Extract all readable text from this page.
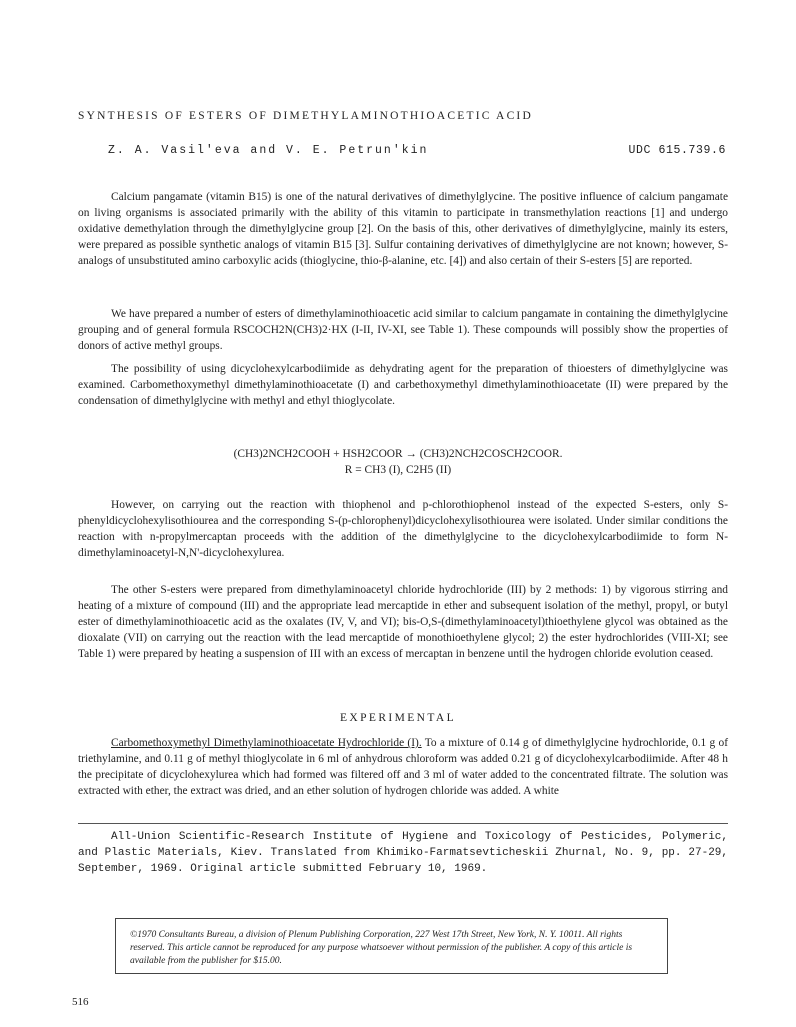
SYNTHESIS OF ESTERS OF DIMETHYLAMINOTHIOACETIC ACID
Z. A. Vasil'eva and V. E. Petrun'kin	UDC 615.739.6

Calcium pangamate (vitamin B15) is one of the natural derivatives of dimethylglycine. The positive influence of calcium pangamate on living organisms is associated primarily with the ability of this vitamin to participate in transmethylation reactions [1] and undergo oxidative demethylation through the dimethylglycine group [2]. On the basis of this, other derivatives of dimethylglycine, mainly its esters, were prepared as possible synthetic analogs of vitamin B15 [3]. Sulfur containing derivatives of dimethylglycine are not known; however, S-analogs of unsubstituted amino carboxylic acids (thioglycine, thio-β-alanine, etc. [4]) and also certain of their S-esters [5] are reported.

We have prepared a number of esters of dimethylaminothioacetic acid similar to calcium pangamate in containing the dimethylglycine grouping and of general formula RSCOCH2N(CH3)2·HX (I-II, IV-XI, see Table 1). These compounds will possibly show the properties of donors of active methyl groups.

The possibility of using dicyclohexylcarbodiimide as dehydrating agent for the preparation of thioesters of dimethylglycine was examined. Carbomethoxymethyl dimethylaminothioacetate (I) and carbethoxymethyl dimethylaminothioacetate (II) were prepared by the condensation of dimethylglycine with methyl and ethyl thioglycolate.

(CH3)2NCH2COOH + HSH2COOR → (CH3)2NCH2COSCH2COOR.
R = CH3 (I), C2H5 (II)

However, on carrying out the reaction with thiophenol and p-chlorothiophenol instead of the expected S-esters, only S-phenyldicyclohexylisothiourea and the corresponding S-(p-chlorophenyl)dicyclohexylisothiourea were isolated. Under similar conditions the reaction with n-propylmercaptan proceeds with the addition of the dimethylglycine to the dicyclohexylcarbodiimide to form N-dimethylaminoacetyl-N,N'-dicyclohexylurea.

The other S-esters were prepared from dimethylaminoacetyl chloride hydrochloride (III) by 2 methods: 1) by vigorous stirring and heating of a mixture of compound (III) and the appropriate lead mercaptide in ether and subsequent isolation of the methyl, propyl, or butyl ester of dimethylaminothioacetic acid as the oxalates (IV, V, and VI); bis-O,S-(dimethylaminoacetyl)thioethylene glycol was obtained as the dioxalate (VII) on carrying out the reaction with the lead mercaptide of monothioethylene glycol; 2) the ester hydrochlorides (VIII-XI; see Table 1) were prepared by heating a suspension of III with an excess of mercaptan in benzene until the hydrogen chloride evolution ceased.

EXPERIMENTAL

Carbomethoxymethyl Dimethylaminothioacetate Hydrochloride (I). To a mixture of 0.14 g of dimethylglycine hydrochloride, 0.1 g of triethylamine, and 0.11 g of methyl thioglycolate in 6 ml of anhydrous chloroform was added 0.21 g of dicyclohexylcarbodiimide. After 48 h the precipitate of dicyclohexylurea which had formed was filtered off and 3 ml of water added to the concentrated filtrate. The solution was extracted with ether, the extract was dried, and an ether solution of hydrogen chloride was added. A white

All-Union Scientific-Research Institute of Hygiene and Toxicology of Pesticides, Polymeric, and Plastic Materials, Kiev. Translated from Khimiko-Farmatsevticheskii Zhurnal, No. 9, pp. 27-29, September, 1969. Original article submitted February 10, 1969.

©1970 Consultants Bureau, a division of Plenum Publishing Corporation, 227 West 17th Street, New York, N. Y. 10011. All rights reserved. This article cannot be reproduced for any purpose whatsoever without permission of the publisher. A copy of this article is available from the publisher for $15.00.

516
